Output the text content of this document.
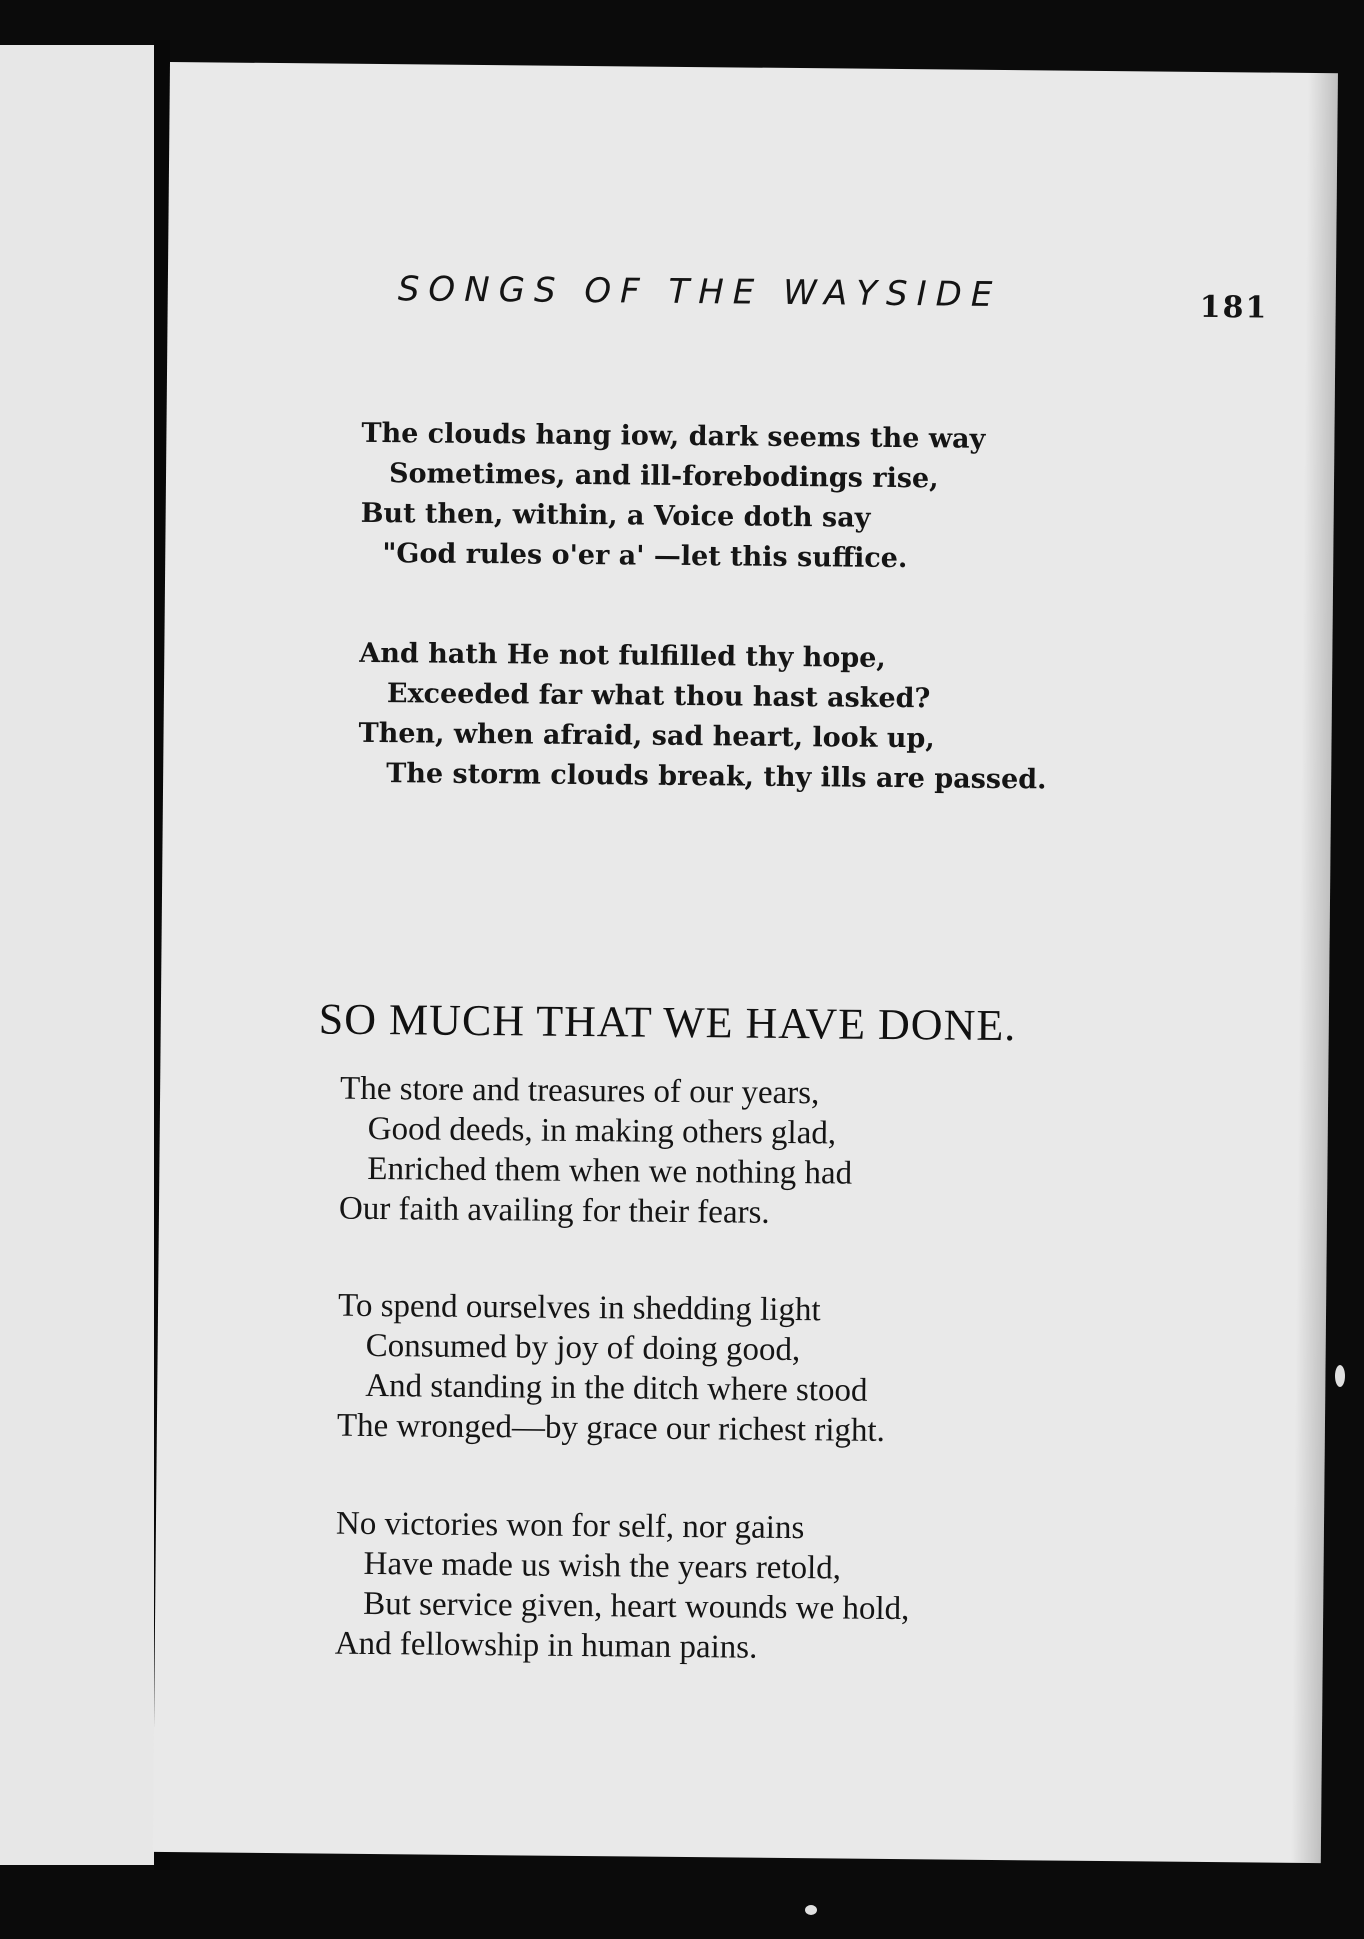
SONGS OF THE WAYSIDE	181
The clouds hang iow, dark seems the way
Sometimes, and ill-forebodings rise,
But then, within, a Voice doth say
"God rules o'er a' —let this suffice.
And hath He not fulfilled thy hope,
Exceeded far what thou hast asked?
Then, when afraid, sad heart, look up,
The storm clouds break, thy ills are passed.
SO MUCH THAT WE HAVE DONE.
The store and treasures of our years,
Good deeds, in making others glad,
Enriched them when we nothing had
Our faith availing for their fears.
To spend ourselves in shedding light
Consumed by joy of doing good,
And standing in the ditch where stood
The wronged—by grace our richest right.
No victories won for self, nor gains
Have made us wish the years retold,
But service given, heart wounds we hold,
And fellowship in human pains.
